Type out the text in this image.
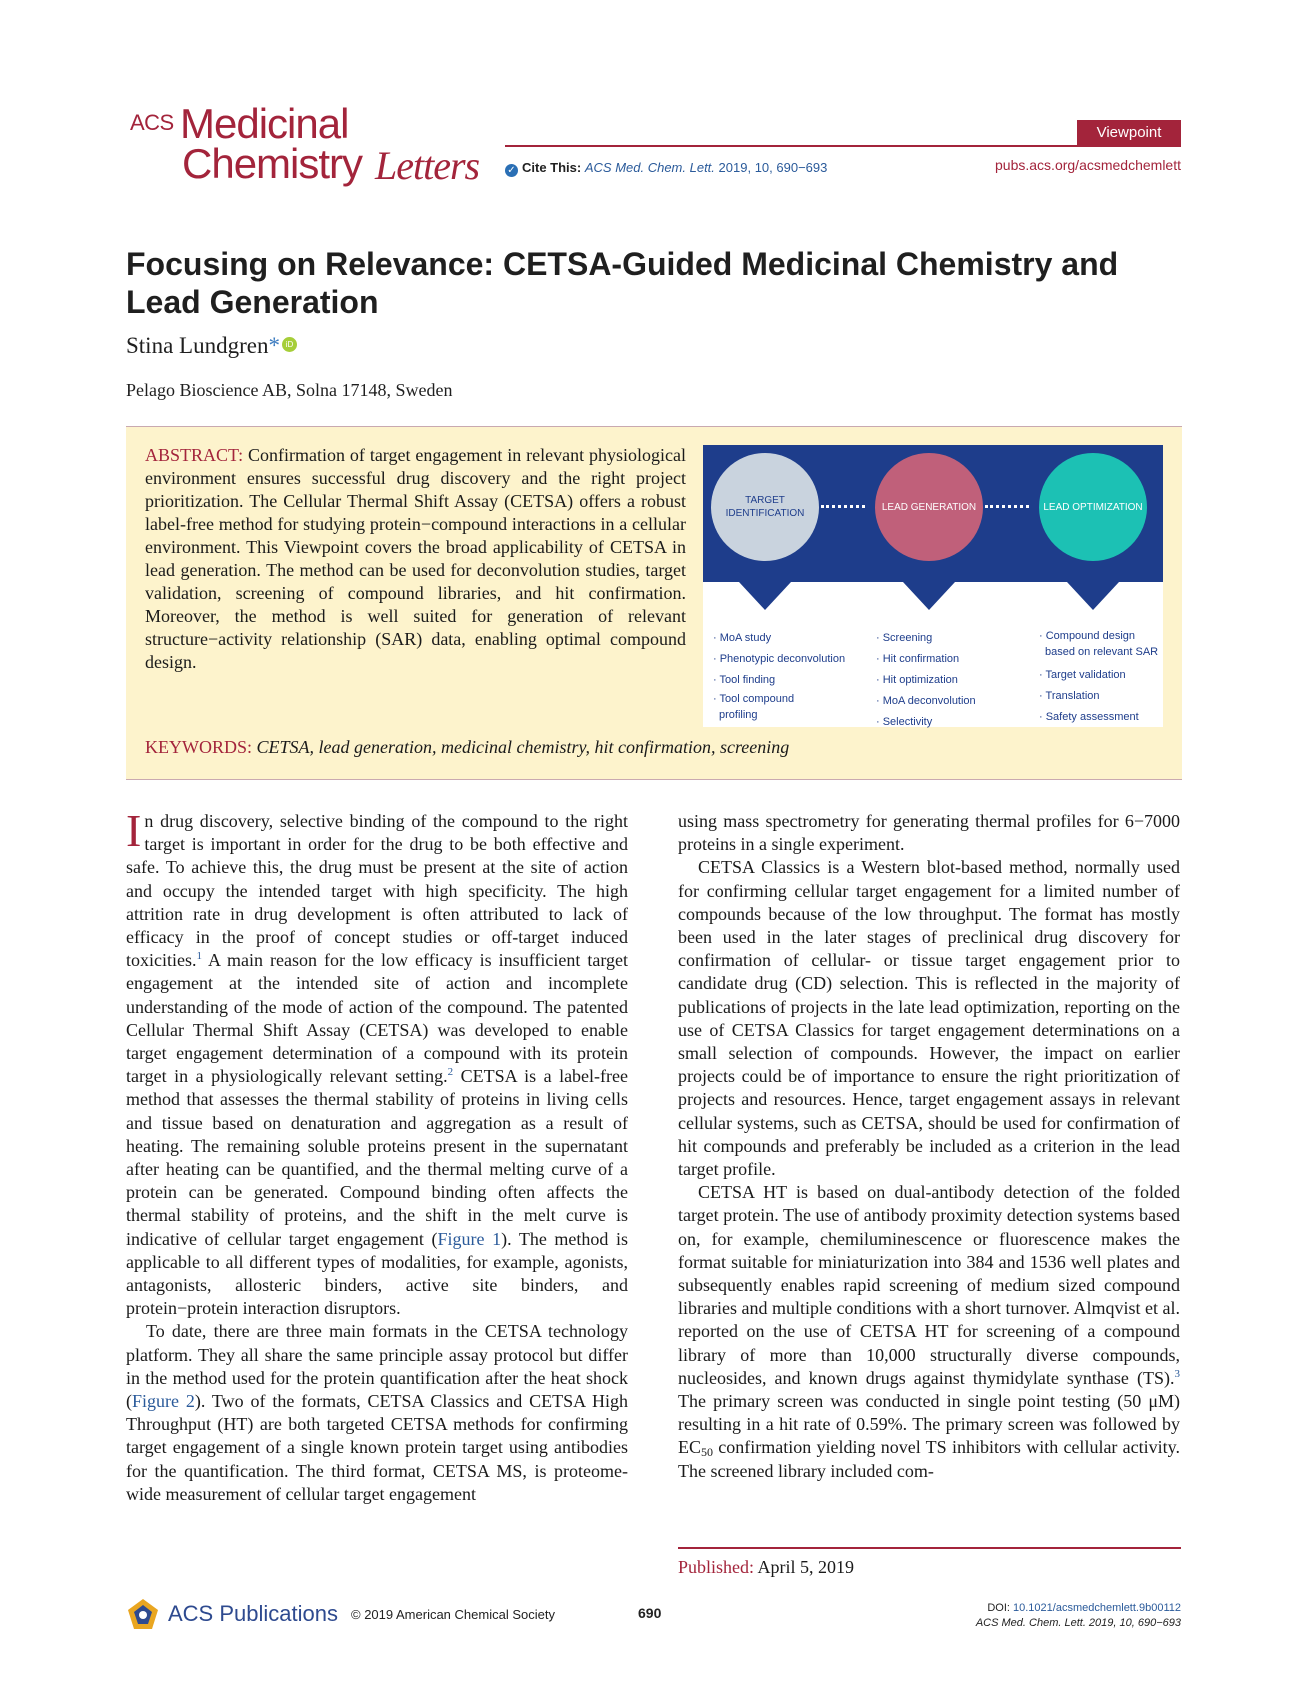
ACS Medicinal
Chemistry Letters
Viewpoint
✓ Cite This: ACS Med. Chem. Lett. 2019, 10, 690−693	pubs.acs.org/acsmedchemlett
Focusing on Relevance: CETSA-Guided Medicinal Chemistry and Lead Generation
Stina Lundgren* iD
Pelago Bioscience AB, Solna 17148, Sweden
ABSTRACT: Confirmation of target engagement in relevant physiological environment ensures successful drug discovery and the right project prioritization. The Cellular Thermal Shift Assay (CETSA) offers a robust label-free method for studying protein−compound interactions in a cellular environment. This Viewpoint covers the broad applicability of CETSA in lead generation. The method can be used for deconvolution studies, target validation, screening of compound libraries, and hit confirmation. Moreover, the method is well suited for generation of relevant structure−activity relationship (SAR) data, enabling optimal compound design.
TARGET IDENTIFICATION
LEAD GENERATION	LEAD OPTIMIZATION
· MoA study
· Phenotypic deconvolution
· Tool finding
· Tool compound
profiling
· Screening
· Hit confirmation
· Hit optimization
· MoA deconvolution
· Selectivity
· Compound design
based on relevant SAR
· Target validation
· Translation
· Safety assessment
KEYWORDS: CETSA, lead generation, medicinal chemistry, hit confirmation, screening

In drug discovery, selective binding of the compound to the right target is important in order for the drug to be both effective and safe. To achieve this, the drug must be present at the site of action and occupy the intended target with high specificity. The high attrition rate in drug development is often attributed to lack of efficacy in the proof of concept studies or off-target induced toxicities.$^1$ A main reason for the low efficacy is insufficient target engagement at the intended site of action and incomplete understanding of the mode of action of the compound. The patented Cellular Thermal Shift Assay (CETSA) was developed to enable target engagement determination of a compound with its protein target in a physiologically relevant setting.$^2$ CETSA is a label-free method that assesses the thermal stability of proteins in living cells and tissue based on denaturation and aggregation as a result of heating. The remaining soluble proteins present in the supernatant after heating can be quantified, and the thermal melting curve of a protein can be generated. Compound binding often affects the thermal stability of proteins, and the shift in the melt curve is indicative of cellular target engagement (Figure 1). The method is applicable to all different types of modalities, for example, agonists, antagonists, allosteric binders, active site binders, and protein−protein interaction disruptors.

To date, there are three main formats in the CETSA technology platform. They all share the same principle assay protocol but differ in the method used for the protein quantification after the heat shock (Figure 2). Two of the formats, CETSA Classics and CETSA High Throughput (HT) are both targeted CETSA methods for confirming target engagement of a single known protein target using antibodies for the quantification. The third format, CETSA MS, is proteome-wide measurement of cellular target engagement

using mass spectrometry for generating thermal profiles for 6−7000 proteins in a single experiment.

CETSA Classics is a Western blot-based method, normally used for confirming cellular target engagement for a limited number of compounds because of the low throughput. The format has mostly been used in the later stages of preclinical drug discovery for confirmation of cellular- or tissue target engagement prior to candidate drug (CD) selection. This is reflected in the majority of publications of projects in the late lead optimization, reporting on the use of CETSA Classics for target engagement determinations on a small selection of compounds. However, the impact on earlier projects could be of importance to ensure the right prioritization of projects and resources. Hence, target engagement assays in relevant cellular systems, such as CETSA, should be used for confirmation of hit compounds and preferably be included as a criterion in the lead target profile.

CETSA HT is based on dual-antibody detection of the folded target protein. The use of antibody proximity detection systems based on, for example, chemiluminescence or fluorescence makes the format suitable for miniaturization into 384 and 1536 well plates and subsequently enables rapid screening of medium sized compound libraries and multiple conditions with a short turnover. Almqvist et al. reported on the use of CETSA HT for screening of a compound library of more than 10,000 structurally diverse compounds, nucleosides, and known drugs against thymidylate synthase (TS).$^3$ The primary screen was conducted in single point testing (50 μM) resulting in a hit rate of 0.59%. The primary screen was followed by $EC_{50}$ confirmation yielding novel TS inhibitors with cellular activity. The screened library included com-

Published: April 5, 2019
ACS Publications © 2019 American Chemical Society	690	DOI: 10.1021/acsmedchemlett.9b00112
ACS Med. Chem. Lett. 2019, 10, 690−693
